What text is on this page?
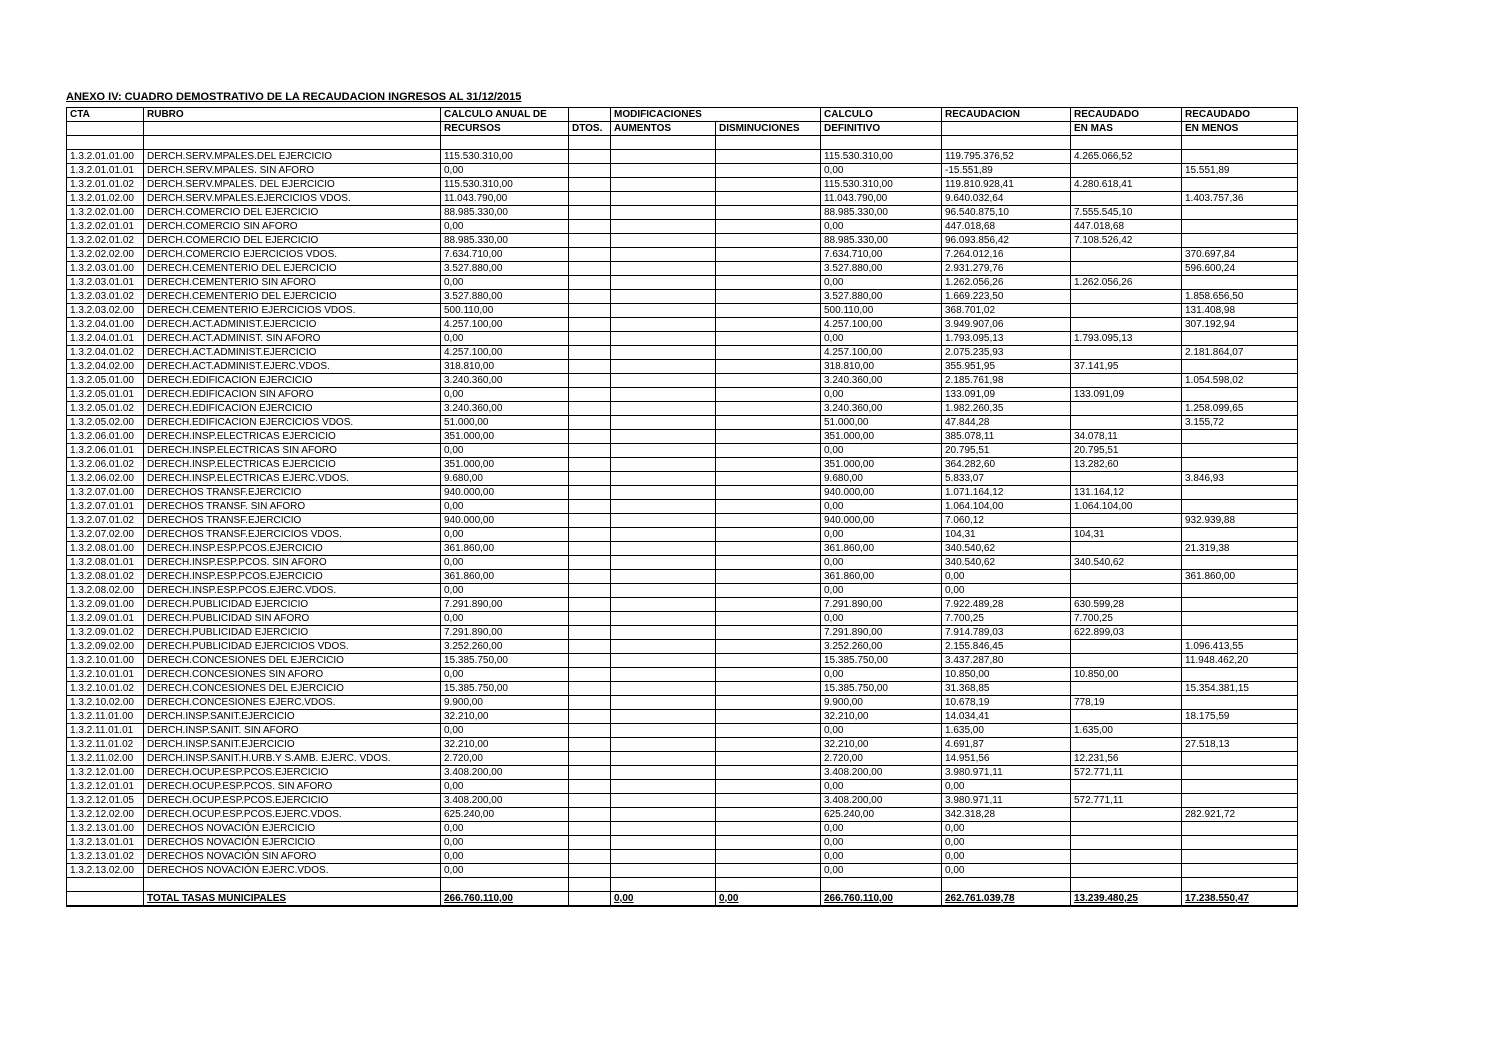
ANEXO IV: CUADRO DEMOSTRATIVO DE LA RECAUDACION INGRESOS AL 31/12/2015
CTA	RUBRO	CALCULO ANUAL DE		MODIFICACIONES		CALCULO	RECAUDACION	RECAUDADO	RECAUDADO
		RECURSOS	DTOS.	AUMENTOS	DISMINUCIONES	DEFINITIVO		EN MAS	EN MENOS

1.3.2.01.01.00	DERCH.SERV.MPALES.DEL EJERCICIO	115.530.310,00				115.530.310,00	119.795.376,52	4.265.066,52	
1.3.2.01.01.01	DERCH.SERV.MPALES. SIN AFORO	0,00				0,00	-15.551,89		15.551,89
1.3.2.01.01.02	DERCH.SERV.MPALES. DEL EJERCICIO	115.530.310,00				115.530.310,00	119.810.928,41	4.280.618,41	
1.3.2.01.02.00	DERCH.SERV.MPALES.EJERCICIOS VDOS.	11.043.790,00				11.043.790,00	9.640.032,64		1.403.757,36
1.3.2.02.01.00	DERCH.COMERCIO DEL EJERCICIO	88.985.330,00				88.985.330,00	96.540.875,10	7.555.545,10	
1.3.2.02.01.01	DERCH.COMERCIO SIN AFORO	0,00				0,00	447.018,68	447.018,68	
1.3.2.02.01.02	DERCH.COMERCIO DEL EJERCICIO	88.985.330,00				88.985.330,00	96.093.856,42	7.108.526,42	
1.3.2.02.02.00	DERCH.COMERCIO EJERCICIOS VDOS.	7.634.710,00				7.634.710,00	7.264.012,16		370.697,84
1.3.2.03.01.00	DERECH.CEMENTERIO DEL EJERCICIO	3.527.880,00				3.527.880,00	2.931.279,76		596.600,24
1.3.2.03.01.01	DERECH.CEMENTERIO SIN AFORO	0,00				0,00	1.262.056,26	1.262.056,26	
1.3.2.03.01.02	DERECH.CEMENTERIO DEL EJERCICIO	3.527.880,00				3.527.880,00	1.669.223,50		1.858.656,50
1.3.2.03.02.00	DERECH.CEMENTERIO EJERCICIOS VDOS.	500.110,00				500.110,00	368.701,02		131.408,98
1.3.2.04.01.00	DERECH.ACT.ADMINIST.EJERCICIO	4.257.100,00				4.257.100,00	3.949.907,06		307.192,94
1.3.2.04.01.01	DERECH.ACT.ADMINIST. SIN AFORO	0,00				0,00	1.793.095,13	1.793.095,13	
1.3.2.04.01.02	DERECH.ACT.ADMINIST.EJERCICIO	4.257.100,00				4.257.100,00	2.075.235,93		2.181.864,07
1.3.2.04.02.00	DERECH.ACT.ADMINIST.EJERC.VDOS.	318.810,00				318.810,00	355.951,95	37.141,95	
1.3.2.05.01.00	DERECH.EDIFICACION EJERCICIO	3.240.360,00				3.240.360,00	2.185.761,98		1.054.598,02
1.3.2.05.01.01	DERECH.EDIFICACION SIN AFORO	0,00				0,00	133.091,09	133.091,09	
1.3.2.05.01.02	DERECH.EDIFICACION EJERCICIO	3.240.360,00				3.240.360,00	1.982.260,35		1.258.099,65
1.3.2.05.02.00	DERECH.EDIFICACION EJERCICIOS VDOS.	51.000,00				51.000,00	47.844,28		3.155,72
1.3.2.06.01.00	DERECH.INSP.ELECTRICAS EJERCICIO	351.000,00				351.000,00	385.078,11	34.078,11	
1.3.2.06.01.01	DERECH.INSP.ELECTRICAS SIN AFORO	0,00				0,00	20.795,51	20.795,51	
1.3.2.06.01.02	DERECH.INSP.ELECTRICAS EJERCICIO	351.000,00				351.000,00	364.282,60	13.282,60	
1.3.2.06.02.00	DERECH.INSP.ELECTRICAS EJERC.VDOS.	9.680,00				9.680,00	5.833,07		3.846,93
1.3.2.07.01.00	DERECHOS TRANSF.EJERCICIO	940.000,00				940.000,00	1.071.164,12	131.164,12	
1.3.2.07.01.01	DERECHOS TRANSF. SIN AFORO	0,00				0,00	1.064.104,00	1.064.104,00	
1.3.2.07.01.02	DERECHOS TRANSF.EJERCICIO	940.000,00				940.000,00	7.060,12		932.939,88
1.3.2.07.02.00	DERECHOS TRANSF.EJERCICIOS VDOS.	0,00				0,00	104,31	104,31	
1.3.2.08.01.00	DERECH.INSP.ESP.PCOS.EJERCICIO	361.860,00				361.860,00	340.540,62		21.319,38
1.3.2.08.01.01	DERECH.INSP.ESP.PCOS. SIN AFORO	0,00				0,00	340.540,62	340.540,62	
1.3.2.08.01.02	DERECH.INSP.ESP.PCOS.EJERCICIO	361.860,00				361.860,00	0,00		361.860,00
1.3.2.08.02.00	DERECH.INSP.ESP.PCOS.EJERC.VDOS.	0,00				0,00	0,00		
1.3.2.09.01.00	DERECH.PUBLICIDAD EJERCICIO	7.291.890,00				7.291.890,00	7.922.489,28	630.599,28	
1.3.2.09.01.01	DERECH.PUBLICIDAD SIN AFORO	0,00				0,00	7.700,25	7.700,25	
1.3.2.09.01.02	DERECH.PUBLICIDAD EJERCICIO	7.291.890,00				7.291.890,00	7.914.789,03	622.899,03	
1.3.2.09.02.00	DERECH.PUBLICIDAD EJERCICIOS VDOS.	3.252.260,00				3.252.260,00	2.155.846,45		1.096.413,55
1.3.2.10.01.00	DERECH.CONCESIONES DEL EJERCICIO	15.385.750,00				15.385.750,00	3.437.287,80		11.948.462,20
1.3.2.10.01.01	DERECH.CONCESIONES SIN AFORO	0,00				0,00	10.850,00	10.850,00	
1.3.2.10.01.02	DERECH.CONCESIONES DEL EJERCICIO	15.385.750,00				15.385.750,00	31.368,85		15.354.381,15
1.3.2.10.02.00	DERECH.CONCESIONES EJERC.VDOS.	9.900,00				9.900,00	10.678,19	778,19	
1.3.2.11.01.00	DERCH.INSP.SANIT.EJERCICIO	32.210,00				32.210,00	14.034,41		18.175,59
1.3.2.11.01.01	DERCH.INSP.SANIT. SIN AFORO	0,00				0,00	1.635,00	1.635,00	
1.3.2.11.01.02	DERCH.INSP.SANIT.EJERCICIO	32.210,00				32.210,00	4.691,87		27.518,13
1.3.2.11.02.00	DERCH.INSP.SANIT.H.URB.Y S.AMB. EJERC. VDOS.	2.720,00				2.720,00	14.951,56	12.231,56	
1.3.2.12.01.00	DERECH.OCUP.ESP.PCOS.EJERCICIO	3.408.200,00				3.408.200,00	3.980.971,11	572.771,11	
1.3.2.12.01.01	DERECH.OCUP.ESP.PCOS. SIN AFORO	0,00				0,00	0,00		
1.3.2.12.01.05	DERECH.OCUP.ESP.PCOS.EJERCICIO	3.408.200,00				3.408.200,00	3.980.971,11	572.771,11	
1.3.2.12.02.00	DERECH.OCUP.ESP.PCOS.EJERC.VDOS.	625.240,00				625.240,00	342.318,28		282.921,72
1.3.2.13.01.00	DERECHOS NOVACIÓN EJERCICIO	0,00				0,00	0,00		
1.3.2.13.01.01	DERECHOS NOVACIÓN EJERCICIO	0,00				0,00	0,00		
1.3.2.13.01.02	DERECHOS NOVACIÓN SIN AFORO	0,00				0,00	0,00		
1.3.2.13.02.00	DERECHOS NOVACIÓN EJERC.VDOS.	0,00				0,00	0,00		

	TOTAL TASAS MUNICIPALES	266.760.110,00		0,00	0,00	266.760.110,00	262.761.039,78	13.239.480,25	17.238.550,47
